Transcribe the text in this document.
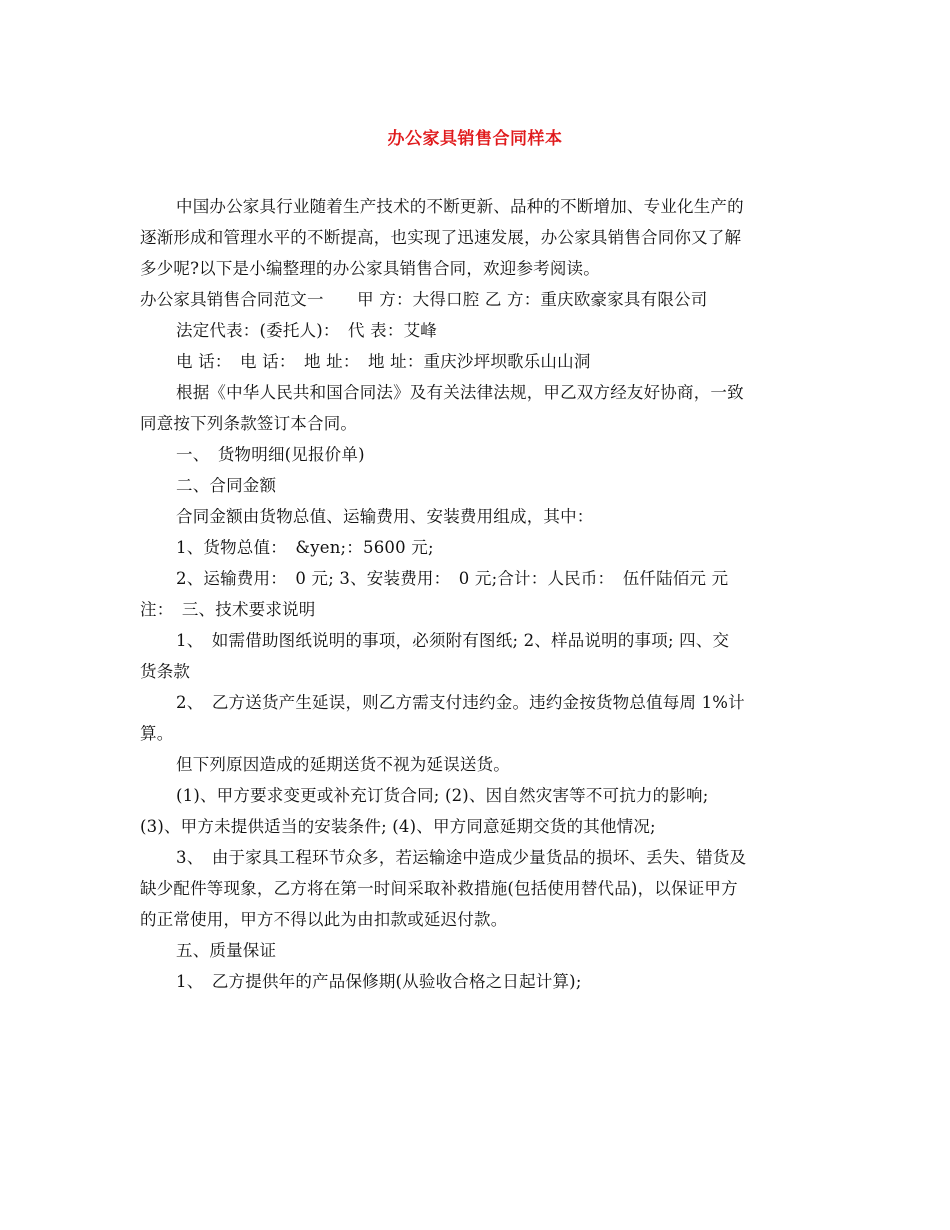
办公家具销售合同样本

中国办公家具行业随着生产技术的不断更新、品种的不断增加、专业化生产的

逐渐形成和管理水平的不断提高，也实现了迅速发展，办公家具销售合同你又了解

多少呢?以下是小编整理的办公家具销售合同，欢迎参考阅读。

办公家具销售合同范文一　　甲 方：大得口腔 乙 方：重庆欧豪家具有限公司

法定代表：(委托人)：　代 表：艾峰

电 话：　电 话：　地 址：　地 址：重庆沙坪坝歌乐山山洞

根据《中华人民共和国合同法》及有关法律法规，甲乙双方经友好协商，一致

同意按下列条款签订本合同。

一、　货物明细(见报价单)

二、合同金额

合同金额由货物总值、运输费用、安装费用组成，其中：

1、货物总值：　&yen;：5600 元;

2、运输费用：　0 元; 3、安装费用：　0 元;合计：人民币：　伍仟陆佰元 元

注：　三、技术要求说明

1、　如需借助图纸说明的事项，必须附有图纸; 2、样品说明的事项; 四、交

货条款

2、　乙方送货产生延误，则乙方需支付违约金。违约金按货物总值每周 1%计

算。

但下列原因造成的延期送货不视为延误送货。

(1)、甲方要求变更或补充订货合同; (2)、因自然灾害等不可抗力的影响;

(3)、甲方未提供适当的安装条件; (4)、甲方同意延期交货的其他情况;

3、　由于家具工程环节众多，若运输途中造成少量货品的损坏、丢失、错货及

缺少配件等现象，乙方将在第一时间采取补救措施(包括使用替代品)，以保证甲方

的正常使用，甲方不得以此为由扣款或延迟付款。

五、质量保证

1、　乙方提供年的产品保修期(从验收合格之日起计算);
